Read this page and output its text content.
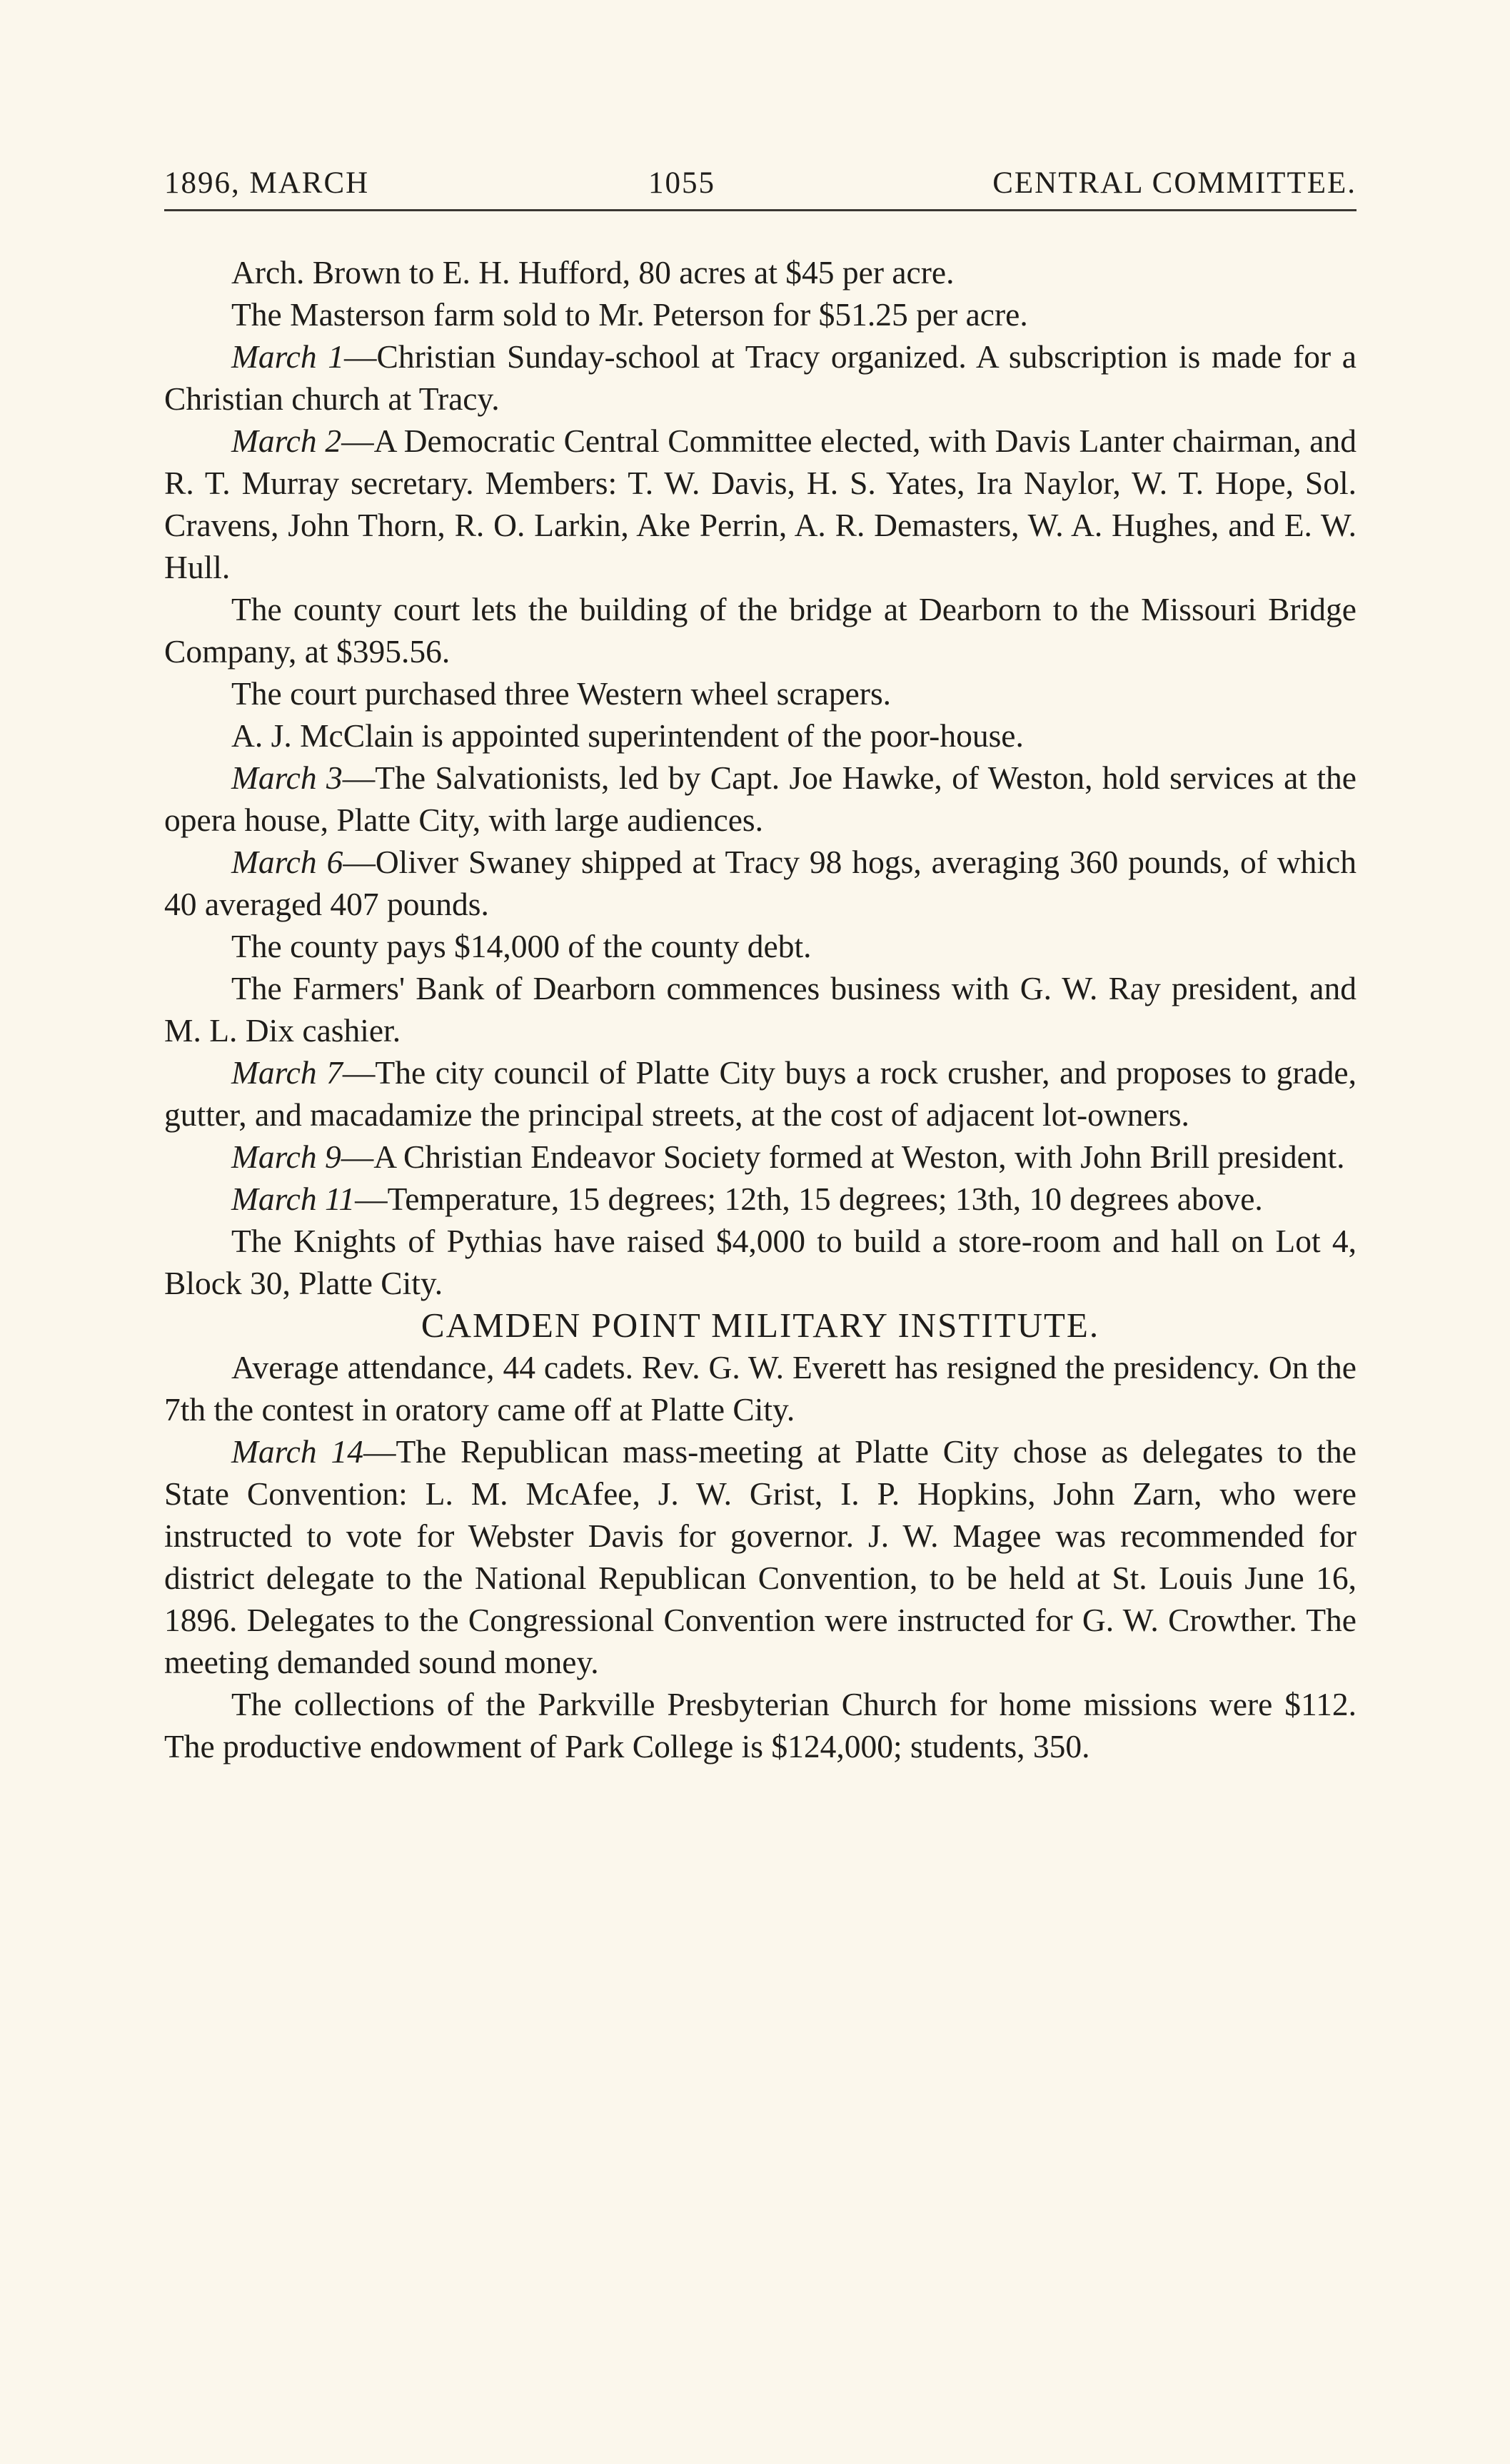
1896, MARCH	1055	CENTRAL COMMITTEE.

Arch. Brown to E. H. Hufford, 80 acres at $45 per acre.

The Masterson farm sold to Mr. Peterson for $51.25 per acre.

March 1—Christian Sunday-school at Tracy organized. A subscription is made for a Christian church at Tracy.

March 2—A Democratic Central Committee elected, with Davis Lanter chairman, and R. T. Murray secretary. Members: T. W. Davis, H. S. Yates, Ira Naylor, W. T. Hope, Sol. Cravens, John Thorn, R. O. Larkin, Ake Perrin, A. R. Demasters, W. A. Hughes, and E. W. Hull.

The county court lets the building of the bridge at Dearborn to the Missouri Bridge Company, at $395.56.

The court purchased three Western wheel scrapers.

A. J. McClain is appointed superintendent of the poor-house.

March 3—The Salvationists, led by Capt. Joe Hawke, of Weston, hold services at the opera house, Platte City, with large audiences.

March 6—Oliver Swaney shipped at Tracy 98 hogs, averaging 360 pounds, of which 40 averaged 407 pounds.

The county pays $14,000 of the county debt.

The Farmers' Bank of Dearborn commences business with G. W. Ray president, and M. L. Dix cashier.

March 7—The city council of Platte City buys a rock crusher, and proposes to grade, gutter, and macadamize the principal streets, at the cost of adjacent lot-owners.

March 9—A Christian Endeavor Society formed at Weston, with John Brill president.

March 11—Temperature, 15 degrees; 12th, 15 degrees; 13th, 10 degrees above.

The Knights of Pythias have raised $4,000 to build a store-room and hall on Lot 4, Block 30, Platte City.

CAMDEN POINT MILITARY INSTITUTE.

Average attendance, 44 cadets. Rev. G. W. Everett has resigned the presidency. On the 7th the contest in oratory came off at Platte City.

March 14—The Republican mass-meeting at Platte City chose as delegates to the State Convention: L. M. McAfee, J. W. Grist, I. P. Hopkins, John Zarn, who were instructed to vote for Webster Davis for governor. J. W. Magee was recommended for district delegate to the National Republican Convention, to be held at St. Louis June 16, 1896. Delegates to the Congressional Convention were instructed for G. W. Crowther. The meeting demanded sound money.

The collections of the Parkville Presbyterian Church for home missions were $112. The productive endowment of Park College is $124,000; students, 350.
